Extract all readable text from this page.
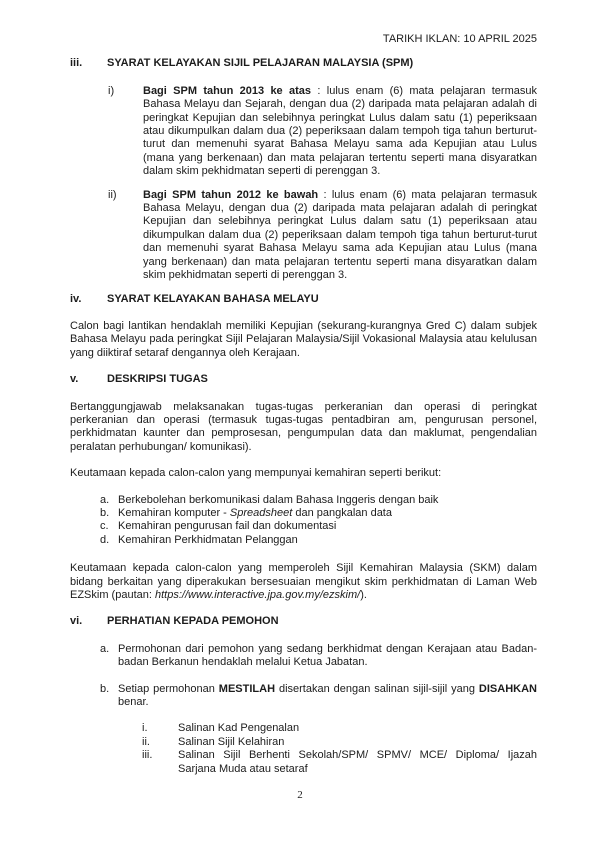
TARIKH IKLAN: 10 APRIL 2025
iii.	SYARAT KELAYAKAN SIJIL PELAJARAN MALAYSIA (SPM)
i)	Bagi SPM tahun 2013 ke atas : lulus enam (6) mata pelajaran termasuk Bahasa Melayu dan Sejarah, dengan dua (2) daripada mata pelajaran adalah di peringkat Kepujian dan selebihnya peringkat Lulus dalam satu (1) peperiksaan atau dikumpulkan dalam dua (2) peperiksaan dalam tempoh tiga tahun berturut-turut dan memenuhi syarat Bahasa Melayu sama ada Kepujian atau Lulus (mana yang berkenaan) dan mata pelajaran tertentu seperti mana disyaratkan dalam skim pekhidmatan seperti di perenggan 3.

ii)	Bagi SPM tahun 2012 ke bawah : lulus enam (6) mata pelajaran termasuk Bahasa Melayu, dengan dua (2) daripada mata pelajaran adalah di peringkat Kepujian dan selebihnya peringkat Lulus dalam satu (1) peperiksaan atau dikumpulkan dalam dua (2) peperiksaan dalam tempoh tiga tahun berturut-turut dan memenuhi syarat Bahasa Melayu sama ada Kepujian atau Lulus (mana yang berkenaan) dan mata pelajaran tertentu seperti mana disyaratkan dalam skim pekhidmatan seperti di perenggan 3.

iv.	SYARAT KELAYAKAN BAHASA MELAYU

Calon bagi lantikan hendaklah memiliki Kepujian (sekurang-kurangnya Gred C) dalam subjek Bahasa Melayu pada peringkat Sijil Pelajaran Malaysia/Sijil Vokasional Malaysia atau kelulusan yang diiktiraf setaraf dengannya oleh Kerajaan.

v.	DESKRIPSI TUGAS

Bertanggungjawab melaksanakan tugas-tugas perkeranian dan operasi di peringkat perkeranian dan operasi (termasuk tugas-tugas pentadbiran am, pengurusan personel, perkhidmatan kaunter dan pemprosesan, pengumpulan data dan maklumat, pengendalian peralatan perhubungan/ komunikasi).

Keutamaan kepada calon-calon yang mempunyai kemahiran seperti berikut:

a. Berkebolehan berkomunikasi dalam Bahasa Inggeris dengan baik

b. Kemahiran komputer - Spreadsheet dan pangkalan data

c. Kemahiran pengurusan fail dan dokumentasi

d. Kemahiran Perkhidmatan Pelanggan

Keutamaan kepada calon-calon yang memperoleh Sijil Kemahiran Malaysia (SKM) dalam bidang berkaitan yang diperakukan bersesuaian mengikut skim perkhidmatan di Laman Web EZSkim (pautan: https://www.interactive.jpa.gov.my/ezskim/).

vi.	PERHATIAN KEPADA PEMOHON
a. Permohonan dari pemohon yang sedang berkhidmat dengan Kerajaan atau Badan-badan Berkanun hendaklah melalui Ketua Jabatan.

b. Setiap permohonan MESTILAH disertakan dengan salinan sijil-sijil yang DISAHKAN benar.

i.	Salinan Kad Pengenalan

ii.	Salinan Sijil Kelahiran

iii.	Salinan Sijil Berhenti Sekolah/SPM/ SPMV/ MCE/ Diploma/ Ijazah Sarjana Muda atau setaraf

2
